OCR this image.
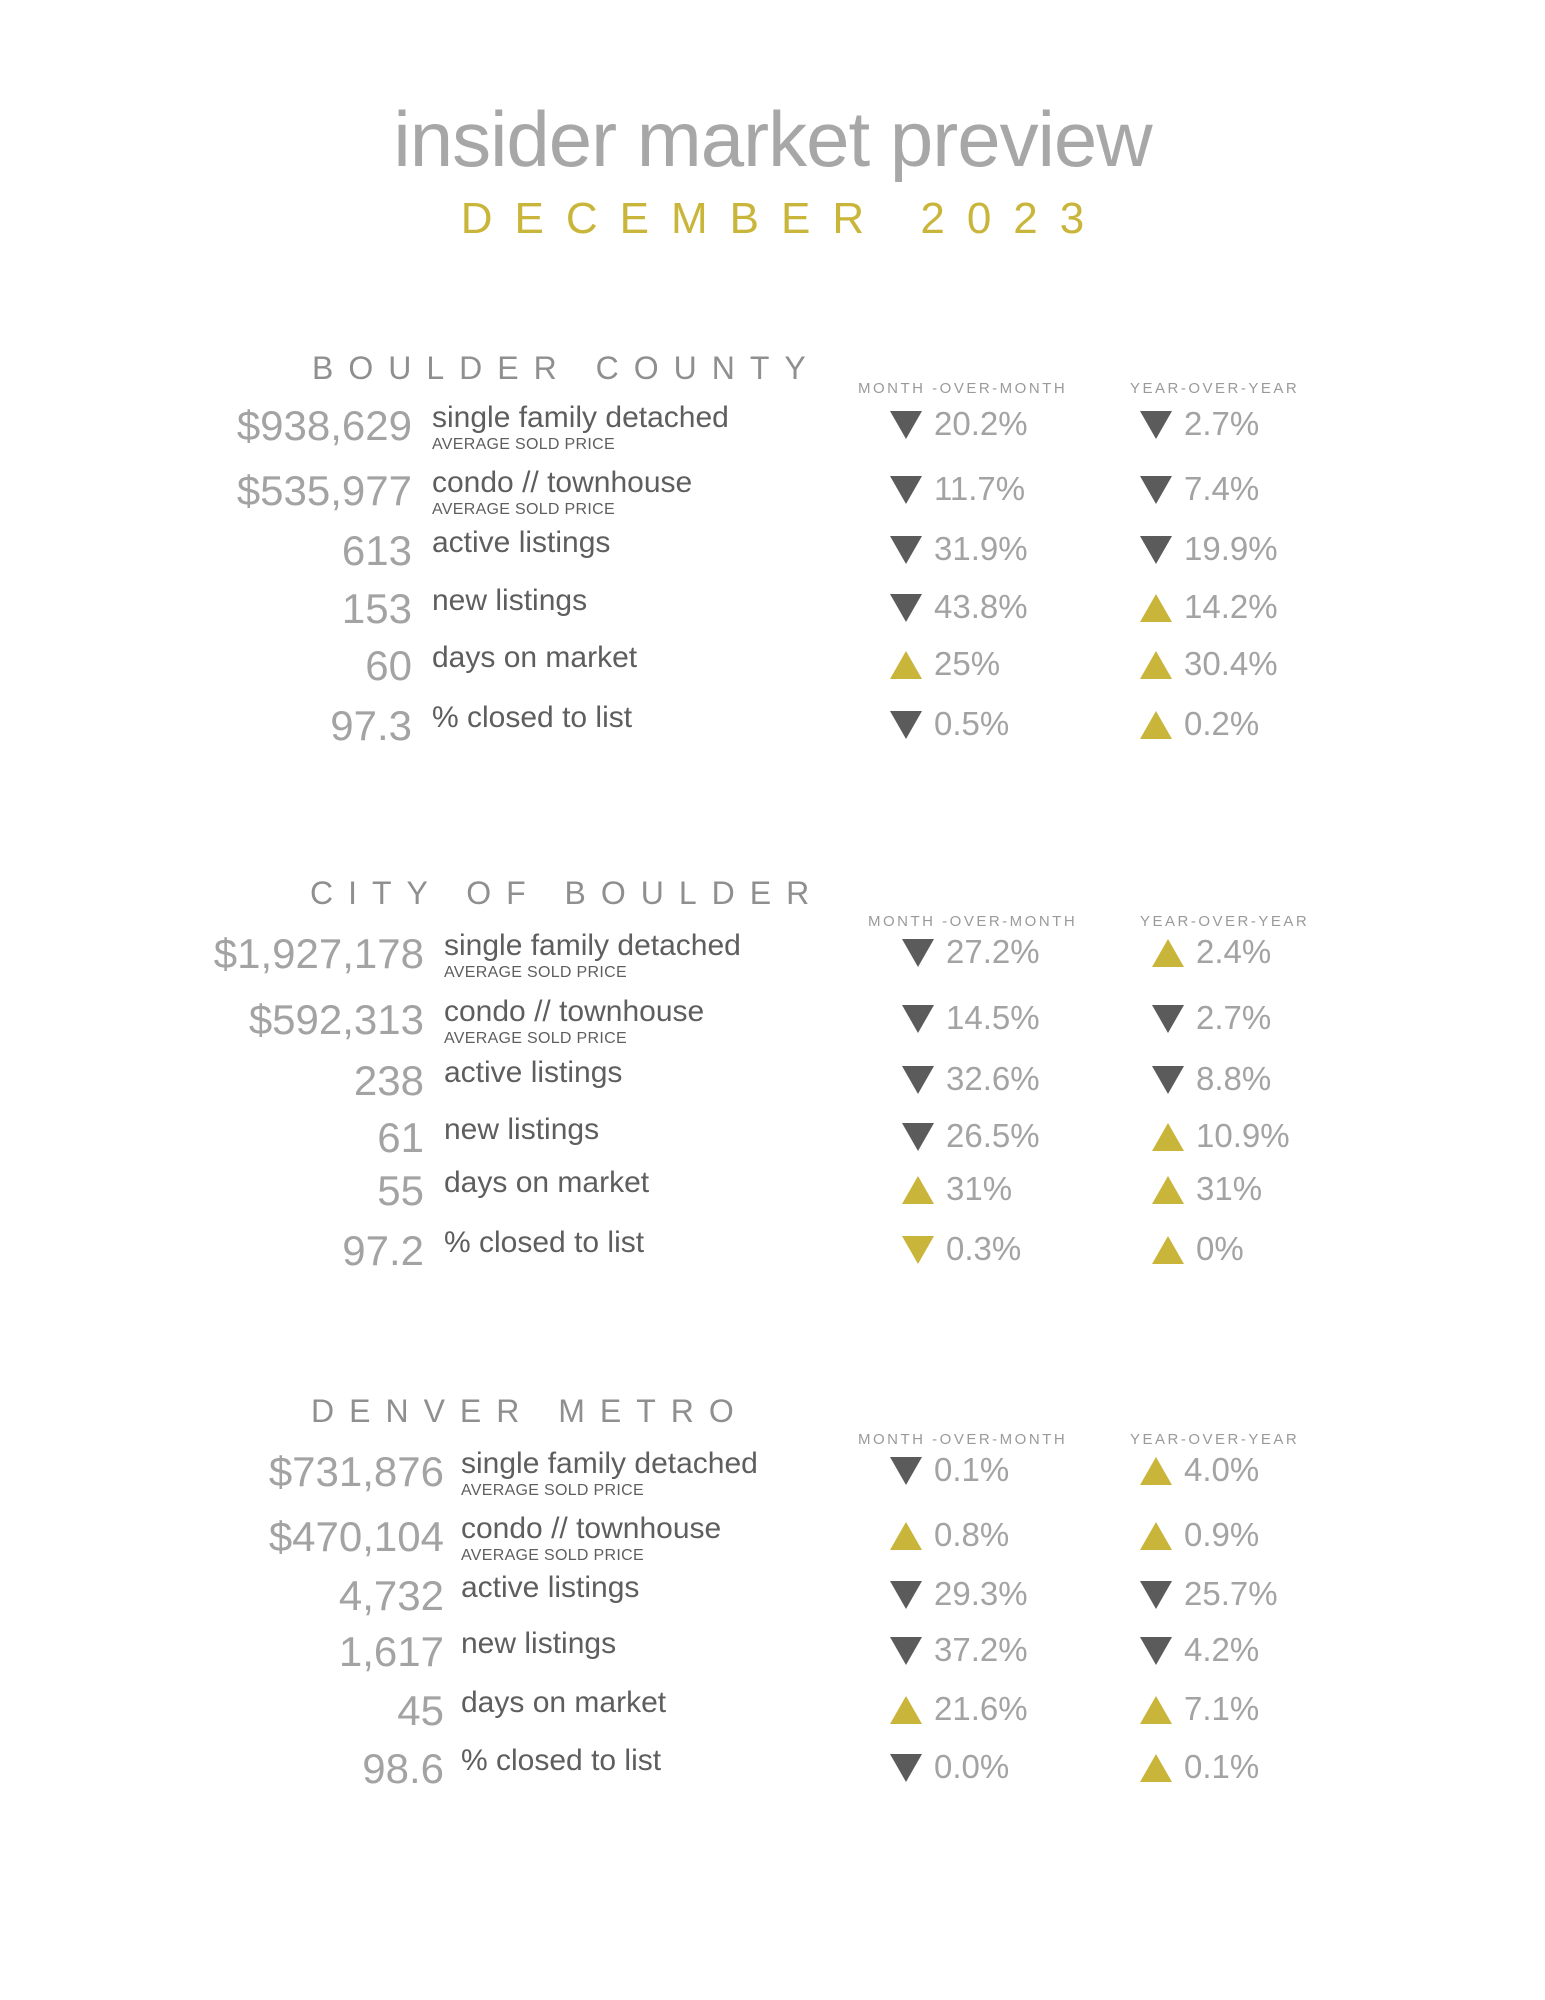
insider market preview
DECEMBER 2023
BOULDER COUNTY
MONTH -OVER-MONTH	YEAR-OVER-YEAR
$938,629 single family detached
AVERAGE SOLD PRICE
20.2%	2.7%
$535,977 condo // townhouse
AVERAGE SOLD PRICE
11.7%	7.4%
613 active listings	31.9%	19.9%
153 new listings	43.8%	14.2%
60 days on market	25%	30.4%
97.3 % closed to list	0.5%	0.2%
CITY OF BOULDER
MONTH -OVER-MONTH	YEAR-OVER-YEAR
$1,927,178 single family detached
AVERAGE SOLD PRICE
27.2%	2.4%
$592,313 condo // townhouse
AVERAGE SOLD PRICE
14.5%	2.7%
238 active listings	32.6%	8.8%
61 new listings	26.5%	10.9%
55 days on market	31%	31%
97.2 % closed to list	0.3%	0%
DENVER METRO
MONTH -OVER-MONTH	YEAR-OVER-YEAR
$731,876 single family detached
AVERAGE SOLD PRICE
0.1%	4.0%
$470,104 condo // townhouse
AVERAGE SOLD PRICE
0.8%	0.9%
4,732 active listings	29.3%	25.7%
1,617 new listings	37.2%	4.2%
45 days on market	21.6%	7.1%
98.6 % closed to list	0.0%	0.1%
